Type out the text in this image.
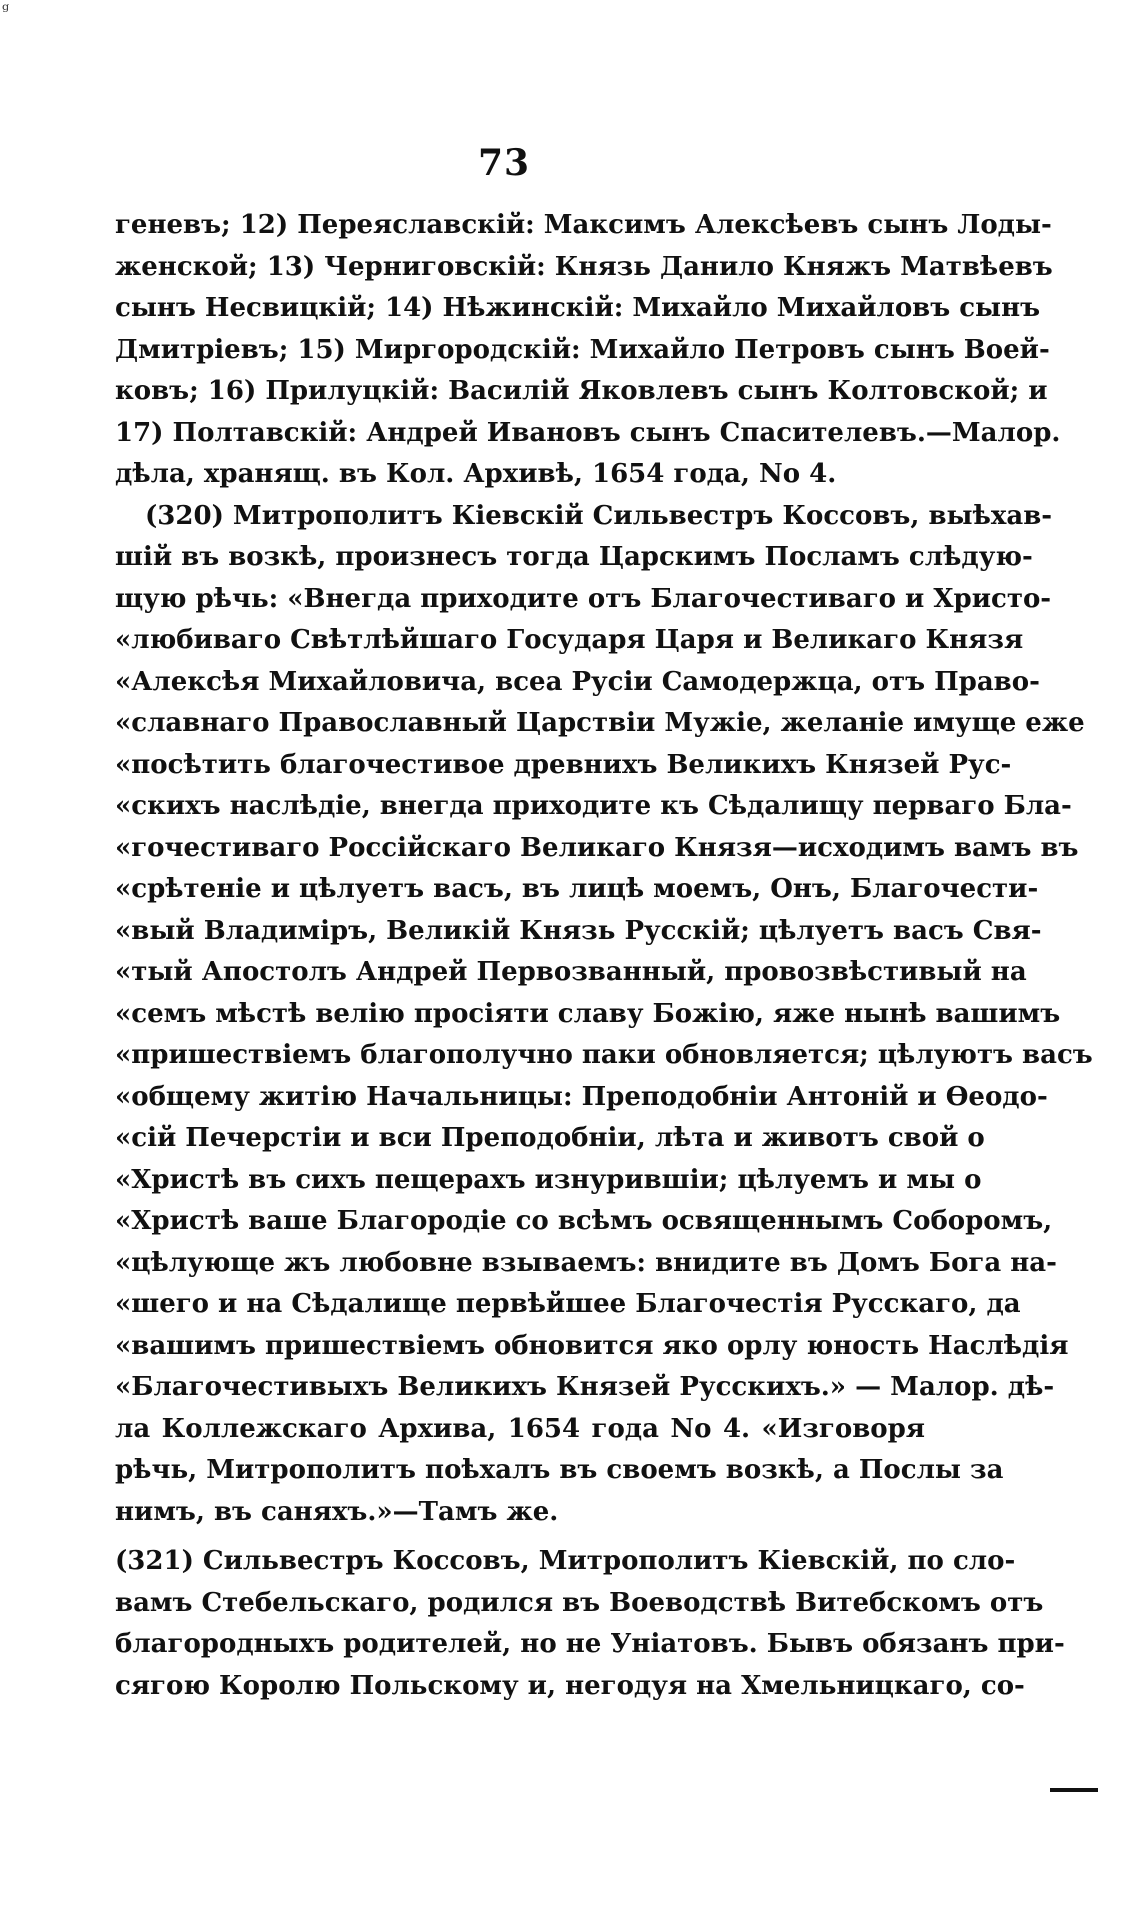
73
геневъ; 12) Переяславскій: Максимъ Алексѣевъ сынъ Лоды-
женской; 13) Черниговскій: Князь Данило Княжъ Матвѣевъ
сынъ Несвицкій; 14) Нѣжинскій: Михайло Михайловъ сынъ
Дмитріевъ; 15) Миргородскій: Михайло Петровъ сынъ Воей-
ковъ; 16) Прилуцкій: Василій Яковлевъ сынъ Колтовской; и
17) Полтавскій: Андрей Ивановъ сынъ Спасителевъ.—Малор.
дѣла, хранящ. въ Кол. Архивѣ, 1654 года, No 4.
(320) Митрополитъ Кіевскій Сильвестръ Коссовъ, выѣхав-
шій въ возкѣ, произнесъ тогда Царскимъ Посламъ слѣдую-
щую рѣчь: «Внегда приходите отъ Благочестиваго и Христо-
«любиваго Свѣтлѣйшаго Государя Царя и Великаго Князя
«Алексѣя Михайловича, всеа Русіи Самодержца, отъ Право-
«славнаго Православный Царствіи Мужіе, желаніе имуще еже
«посѣтить благочестивое древнихъ Великихъ Князей Рус-
«скихъ наслѣдіе, внегда приходите къ Сѣдалищу перваго Бла-
«гочестиваго Россійскаго Великаго Князя—исходимъ вамъ въ
«срѣтеніе и цѣлуетъ васъ, въ лицѣ моемъ, Онъ, Благочести-
«вый Владиміръ, Великій Князь Русскій; цѣлуетъ васъ Свя-
«тый Апостолъ Андрей Первозванный, провозвѣстивый на
«семъ мѣстѣ велію просіяти славу Божію, яже нынѣ вашимъ
«пришествіемъ благополучно паки обновляется; цѣлуютъ васъ
«общему житію Начальницы: Преподобніи Антоній и Ѳеодо-
«сій Печерстіи и вси Преподобніи, лѣта и животъ свой о
«Христѣ въ сихъ пещерахъ изнурившіи; цѣлуемъ и мы о
«Христѣ ваше Благородіе со всѣмъ освященнымъ Соборомъ,
«цѣлующе жъ любовне взываемъ: внидите въ Домъ Бога на-
«шего и на Сѣдалище первѣйшее Благочестія Русскаго, да
«вашимъ пришествіемъ обновится яко орлу юность Наслѣдія
«Благочестивыхъ Великихъ Князей Русскихъ.» — Малор. дѣ-
ла Коллежскаго Архива, 1654 года No 4. «Изговоря
рѣчь, Митрополитъ поѣхалъ въ своемъ возкѣ, а Послы за
нимъ, въ саняхъ.»—Тамъ же.
(321) Сильвестръ Коссовъ, Митрополитъ Кіевскій, по сло-
вамъ Стебельскаго, родился въ Воеводствѣ Витебскомъ отъ
благородныхъ родителей, но не Уніатовъ. Бывъ обязанъ при-
сягою Королю Польскому и, негодуя на Хмельницкаго, со-
ᵍ
